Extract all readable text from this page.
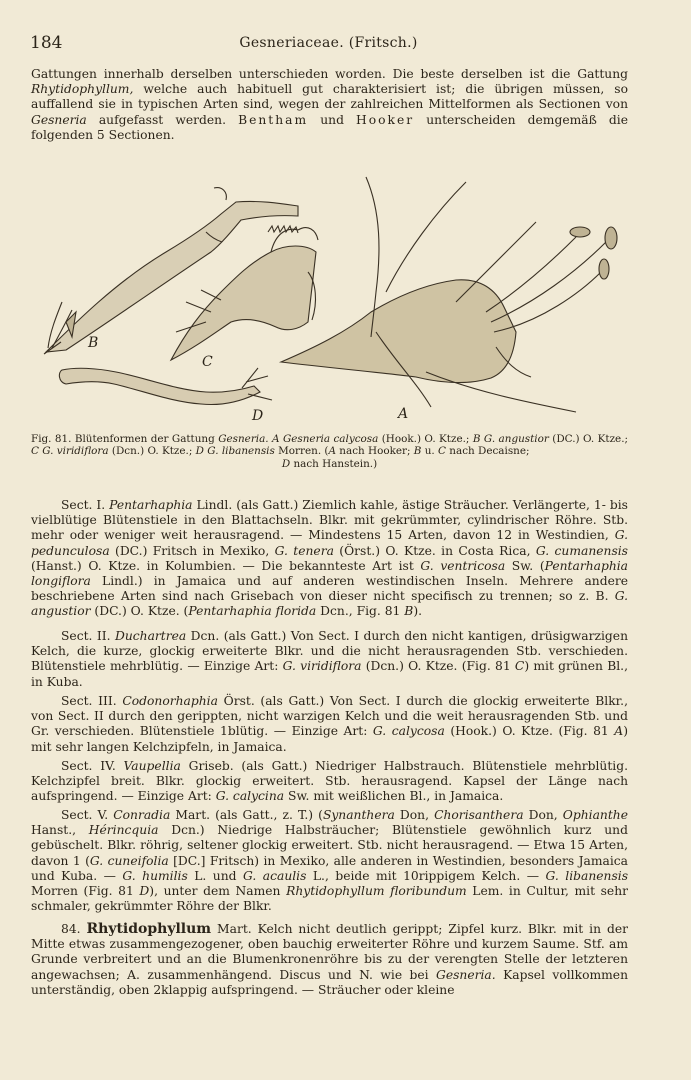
184	Gesneriaceae. (Fritsch.)
Gattungen innerhalb derselben unterschieden worden. Die beste derselben ist die Gattung Rhytidophyllum, welche auch habituell gut charakterisiert ist; die übrigen müssen, so auffallend sie in typischen Arten sind, wegen der zahlreichen Mittelformen als Sectionen von Gesneria aufgefasst werden. Bentham und Hooker unterscheiden demgemäß die folgenden 5 Sectionen.
B
C
D	A
Fig. 81. Blütenformen der Gattung Gesneria. A Gesneria calycosa (Hook.) O. Ktze.; B G. angustior (DC.) O. Ktze.; C G. viridiflora (Dcn.) O. Ktze.; D G. libanensis Morren. (A nach Hooker; B u. C nach Decaisne;
D nach Hanstein.)
Sect. I. Pentarhaphia Lindl. (als Gatt.) Ziemlich kahle, ästige Sträucher. Verlängerte, 1- bis vielblütige Blütenstiele in den Blattachseln. Blkr. mit gekrümmter, cylindrischer Röhre. Stb. mehr oder weniger weit herausragend. — Mindestens 15 Arten, davon 12 in Westindien, G. pedunculosa (DC.) Fritsch in Mexiko, G. tenera (Örst.) O. Ktze. in Costa Rica, G. cumanensis (Hanst.) O. Ktze. in Kolumbien. — Die bekannteste Art ist G. ventricosa Sw. (Pentarhaphia longiflora Lindl.) in Jamaica und auf anderen westindischen Inseln. Mehrere andere beschriebene Arten sind nach Grisebach von dieser nicht specifisch zu trennen; so z. B. G. angustior (DC.) O. Ktze. (Pentarhaphia florida Dcn., Fig. 81 B).
Sect. II. Duchartrea Dcn. (als Gatt.) Von Sect. I durch den nicht kantigen, drüsigwarzigen Kelch, die kurze, glockig erweiterte Blkr. und die nicht herausragenden Stb. verschieden. Blütenstiele mehrblütig. — Einzige Art: G. viridiflora (Dcn.) O. Ktze. (Fig. 81 C) mit grünen Bl., in Kuba.
Sect. III. Codonorhaphia Örst. (als Gatt.) Von Sect. I durch die glockig erweiterte Blkr., von Sect. II durch den gerippten, nicht warzigen Kelch und die weit herausragenden Stb. und Gr. verschieden. Blütenstiele 1blütig. — Einzige Art: G. calycosa (Hook.) O. Ktze. (Fig. 81 A) mit sehr langen Kelchzipfeln, in Jamaica.
Sect. IV. Vaupellia Griseb. (als Gatt.) Niedriger Halbstrauch. Blütenstiele mehrblütig. Kelchzipfel breit. Blkr. glockig erweitert. Stb. herausragend. Kapsel der Länge nach aufspringend. — Einzige Art: G. calycina Sw. mit weißlichen Bl., in Jamaica.
Sect. V. Conradia Mart. (als Gatt., z. T.) (Synanthera Don, Chorisanthera Don, Ophianthe Hanst., Hérincquia Dcn.) Niedrige Halbsträucher; Blütenstiele gewöhnlich kurz und gebüschelt. Blkr. röhrig, seltener glockig erweitert. Stb. nicht herausragend. — Etwa 15 Arten, davon 1 (G. cuneifolia [DC.] Fritsch) in Mexiko, alle anderen in Westindien, besonders Jamaica und Kuba. — G. humilis L. und G. acaulis L., beide mit 10rippigem Kelch. — G. libanensis Morren (Fig. 81 D), unter dem Namen Rhytidophyllum floribundum Lem. in Cultur, mit sehr schmaler, gekrümmter Röhre der Blkr.
84. Rhytidophyllum Mart. Kelch nicht deutlich gerippt; Zipfel kurz. Blkr. mit in der Mitte etwas zusammengezogener, oben bauchig erweiterter Röhre und kurzem Saume. Stf. am Grunde verbreitert und an die Blumenkronenröhre bis zu der verengten Stelle der letzteren angewachsen; A. zusammenhängend. Discus und N. wie bei Gesneria. Kapsel vollkommen unterständig, oben 2klappig aufspringend. — Sträucher oder kleine
